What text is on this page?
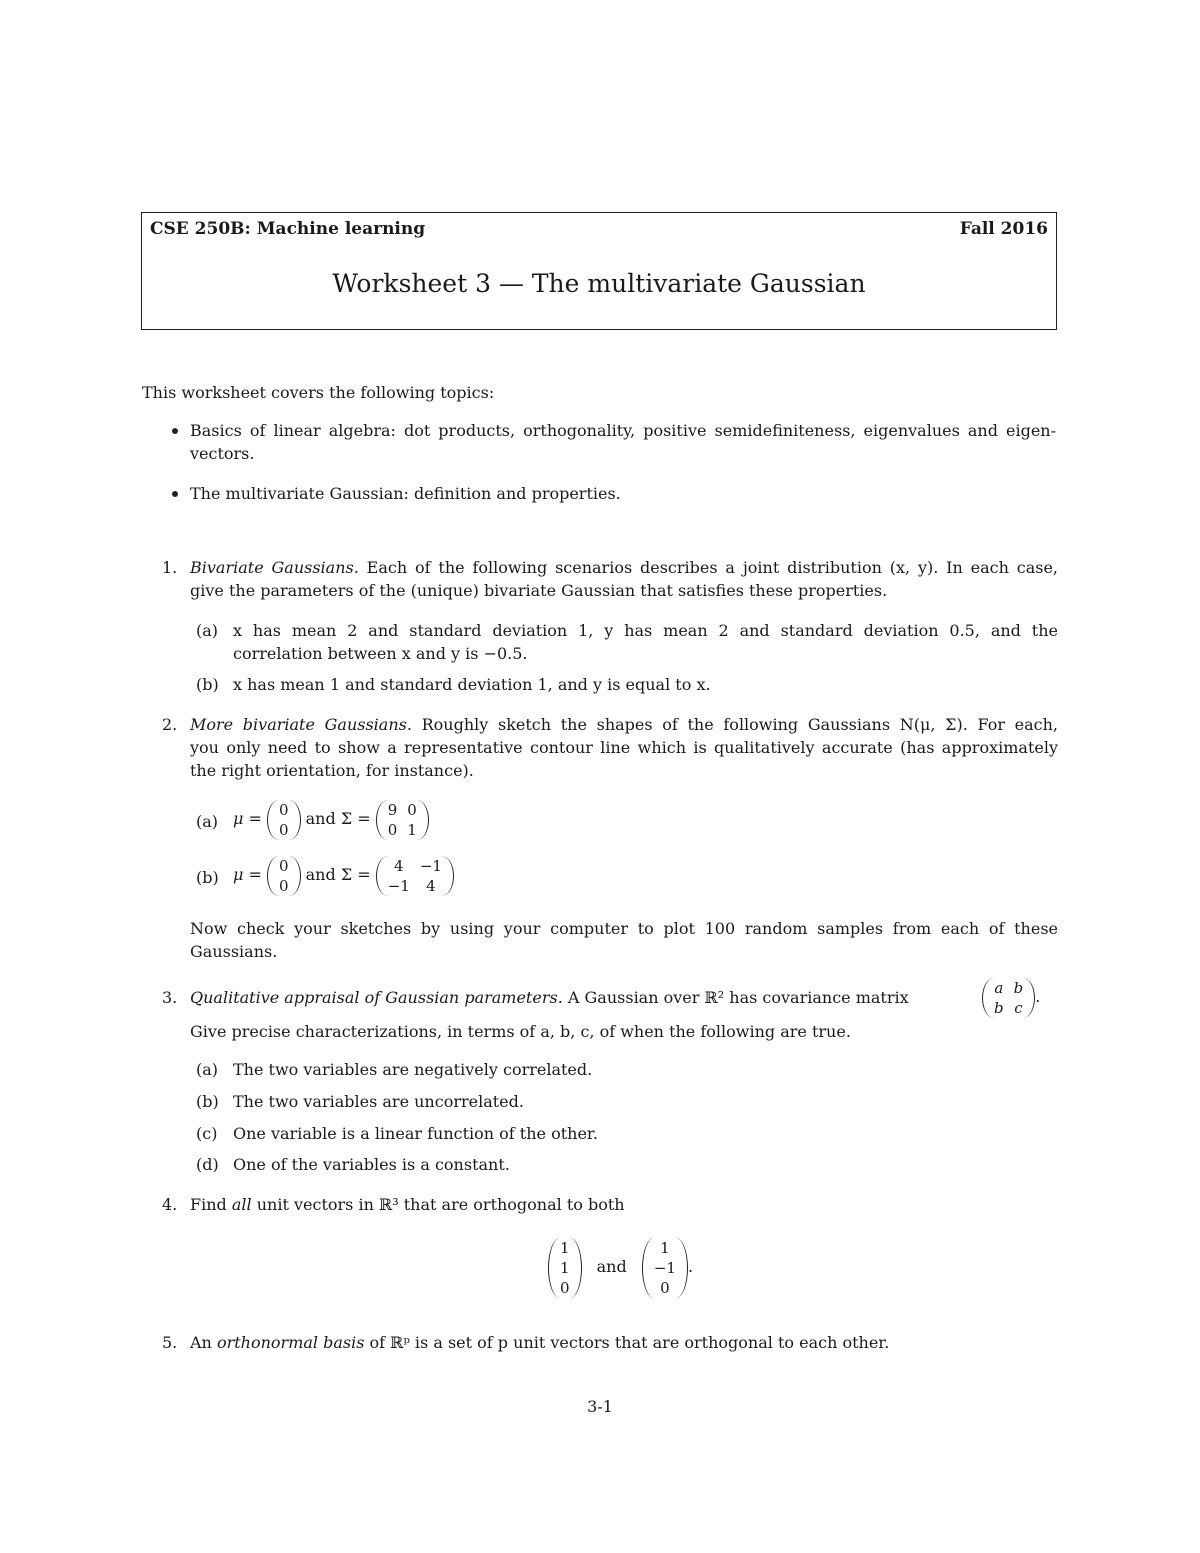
CSE 250B: Machine learning	Fall 2016
Worksheet 3 — The multivariate Gaussian
This worksheet covers the following topics:
Basics of linear algebra: dot products, orthogonality, positive semidefiniteness, eigenvalues and eigen-
vectors.
The multivariate Gaussian: definition and properties.
1. Bivariate Gaussians. Each of the following scenarios describes a joint distribution (x, y). In each case,
give the parameters of the (unique) bivariate Gaussian that satisfies these properties.
(a) x has mean 2 and standard deviation 1, y has mean 2 and standard deviation 0.5, and the
correlation between x and y is −0.5.
(b) x has mean 1 and standard deviation 1, and y is equal to x.
2. More bivariate Gaussians. Roughly sketch the shapes of the following Gaussians N(μ, Σ). For each,
you only need to show a representative contour line which is qualitatively accurate (has approximately
the right orientation, for instance).
(a) μ = 0
0
and Σ = 9	0
0	1
(b) μ = 0
0
and Σ = 4	−1
−1	4
Now check your sketches by using your computer to plot 100 random samples from each of these
Gaussians.
3. Qualitative appraisal of Gaussian parameters. A Gaussian over ℝ² has covariance matrix
a	b
b	c
.
Give precise characterizations, in terms of a, b, c, of when the following are true.
(a) The two variables are negatively correlated.
(b) The two variables are uncorrelated.
(c) One variable is a linear function of the other.
(d) One of the variables is a constant.
4. Find all unit vectors in ℝ³ that are orthogonal to both
1
1
0
and
1
−1
0
.
5. An orthonormal basis of ℝᵖ is a set of p unit vectors that are orthogonal to each other.
3-1
